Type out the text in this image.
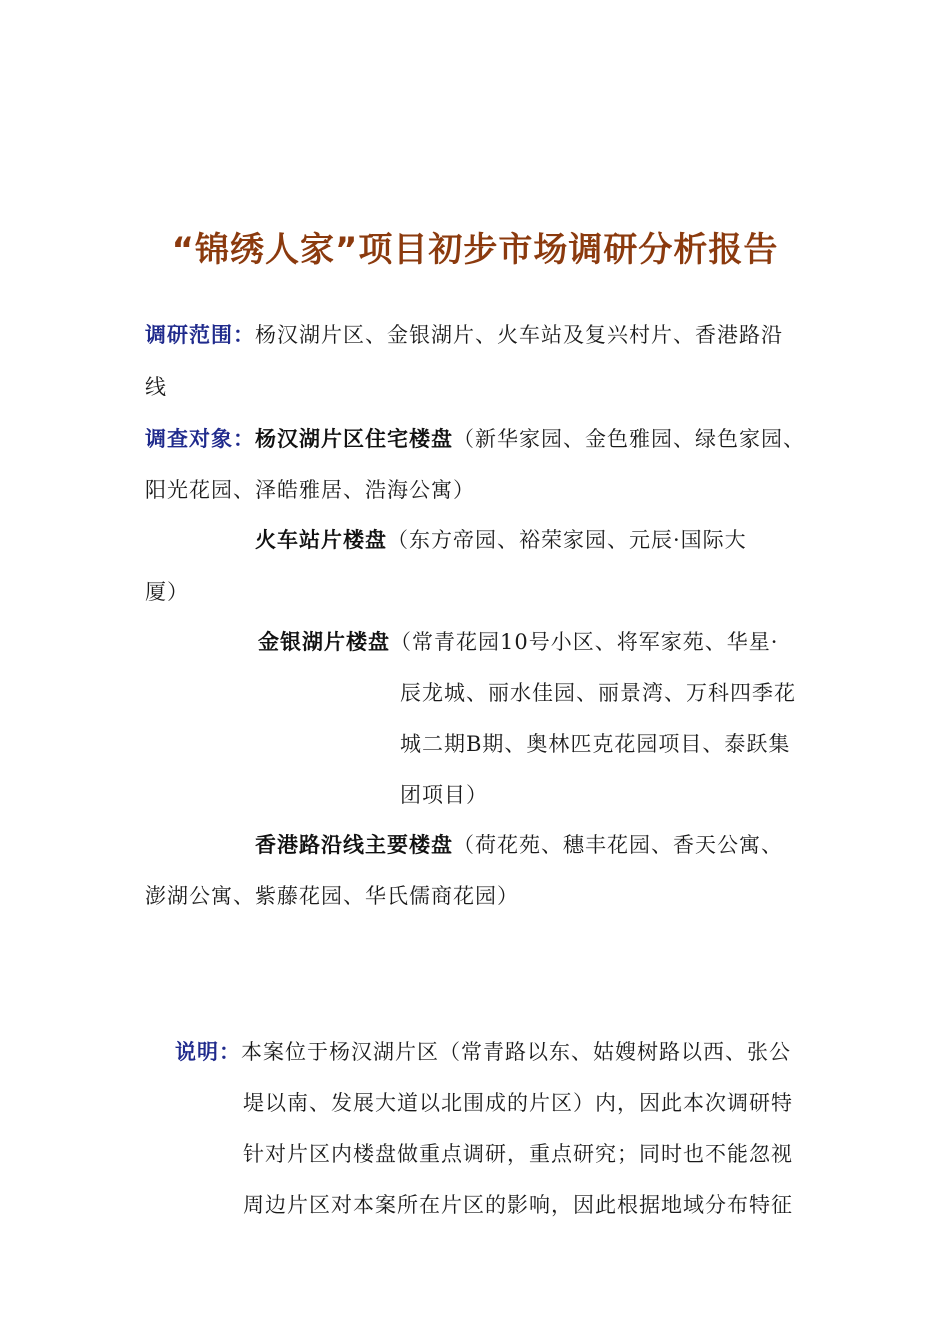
“锦绣人家”项目初步市场调研分析报告
调研范围：杨汉湖片区、金银湖片、火车站及复兴村片、香港路沿
线
调查对象：杨汉湖片区住宅楼盘（新华家园、金色雅园、绿色家园、
阳光花园、泽皓雅居、浩海公寓）
火车站片楼盘（东方帝园、裕荣家园、元辰·国际大
厦）
金银湖片楼盘（常青花园10号小区、将军家苑、华星·
辰龙城、丽水佳园、丽景湾、万科四季花
城二期B期、奥林匹克花园项目、泰跃集
团项目）
香港路沿线主要楼盘（荷花苑、穗丰花园、香天公寓、
澎湖公寓、紫藤花园、华氏儒商花园）
说明：本案位于杨汉湖片区（常青路以东、姑嫂树路以西、张公
堤以南、发展大道以北围成的片区）内，因此本次调研特
针对片区内楼盘做重点调研，重点研究；同时也不能忽视
周边片区对本案所在片区的影响，因此根据地域分布特征
